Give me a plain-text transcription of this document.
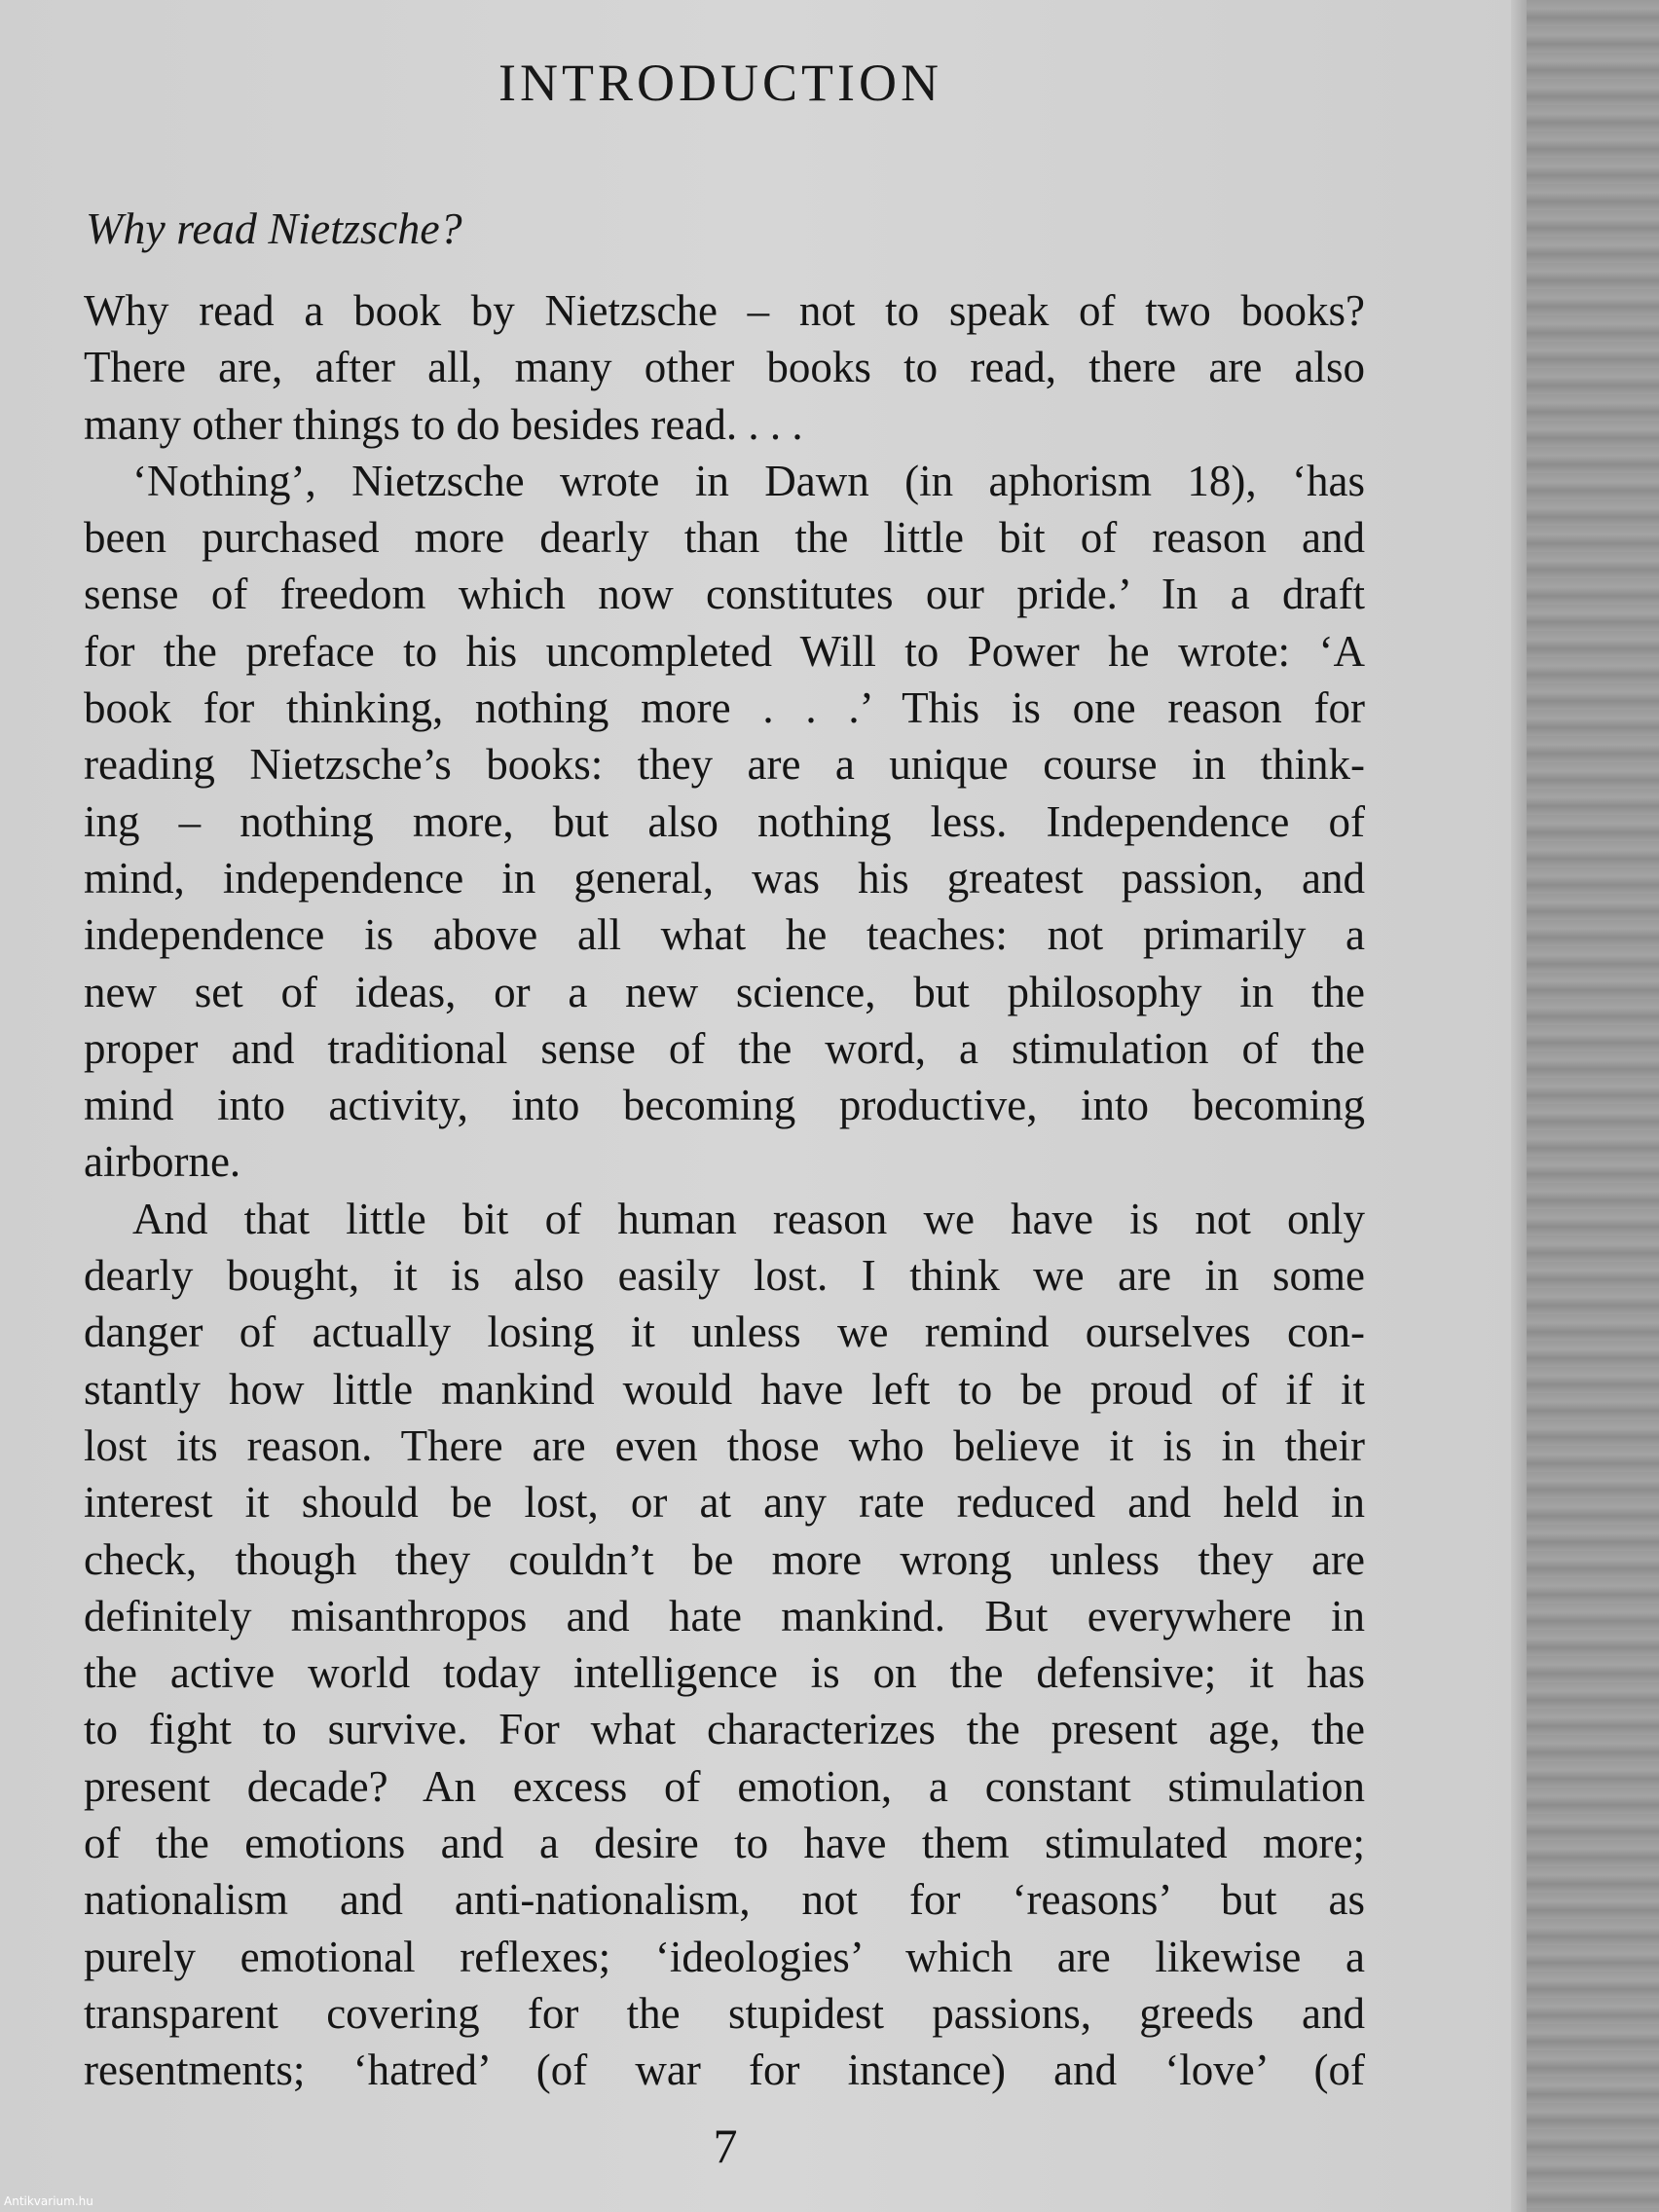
INTRODUCTION
Why read Nietzsche?
Why read a book by Nietzsche – not to speak of two books?
There are, after all, many other books to read, there are also
many other things to do besides read. . . .
‘Nothing’, Nietzsche wrote in Dawn (in aphorism 18), ‘has
been purchased more dearly than the little bit of reason and
sense of freedom which now constitutes our pride.’ In a draft
for the preface to his uncompleted Will to Power he wrote: ‘A
book for thinking, nothing more . . .’ This is one reason for
reading Nietzsche’s books: they are a unique course in think-
ing – nothing more, but also nothing less. Independence of
mind, independence in general, was his greatest passion, and
independence is above all what he teaches: not primarily a
new set of ideas, or a new science, but philosophy in the
proper and traditional sense of the word, a stimulation of the
mind into activity, into becoming productive, into becoming
airborne.
And that little bit of human reason we have is not only
dearly bought, it is also easily lost. I think we are in some
danger of actually losing it unless we remind ourselves con-
stantly how little mankind would have left to be proud of if it
lost its reason. There are even those who believe it is in their
interest it should be lost, or at any rate reduced and held in
check, though they couldn’t be more wrong unless they are
definitely misanthropos and hate mankind. But everywhere in
the active world today intelligence is on the defensive; it has
to fight to survive. For what characterizes the present age, the
present decade? An excess of emotion, a constant stimulation
of the emotions and a desire to have them stimulated more;
nationalism and anti-nationalism, not for ‘reasons’ but as
purely emotional reflexes; ‘ideologies’ which are likewise a
transparent covering for the stupidest passions, greeds and
resentments; ‘hatred’ (of war for instance) and ‘love’ (of
7
Antikvarium.hu
